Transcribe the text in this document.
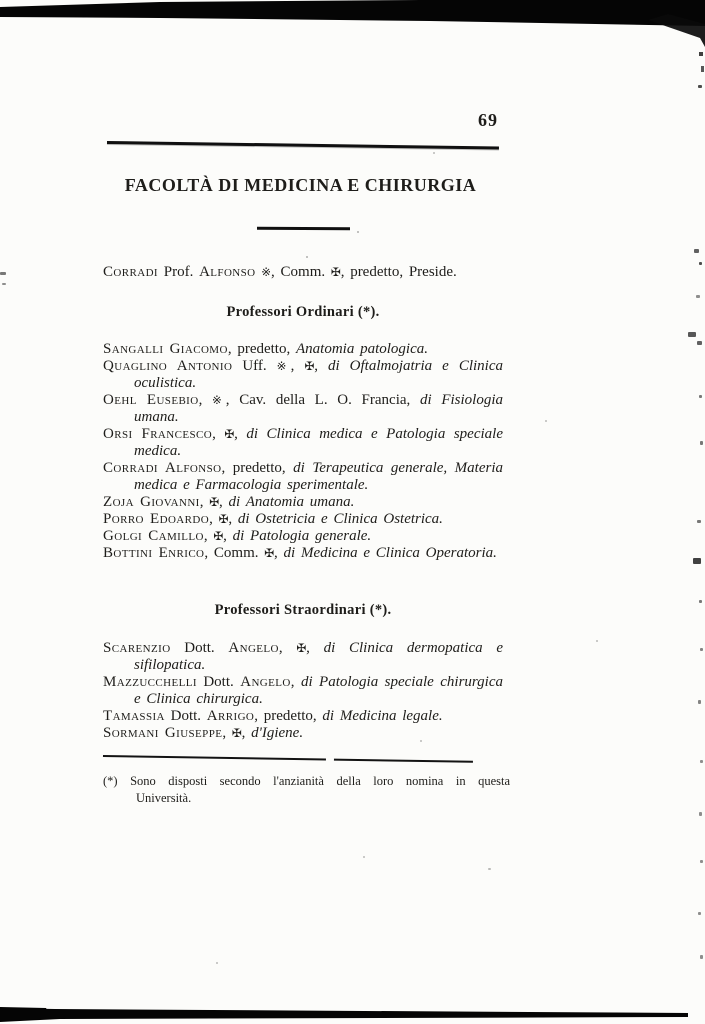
69
FACOLTÀ DI MEDICINA E CHIRURGIA

Corradi Prof. Alfonso ※, Comm. ✠, predetto, Preside.

Professori Ordinari (*).

Sangalli Giacomo, predetto, Anatomia patologica.

Quaglino Antonio Uff. ※, ✠, di Oftalmojatria e Clinica oculistica.

Oehl Eusebio, ※, Cav. della L. O. Francia, di Fisiologia umana.

Orsi Francesco, ✠, di Clinica medica e Patologia speciale medica.

Corradi Alfonso, predetto, di Terapeutica generale, Materia medica e Farmacologia sperimentale.

Zoja Giovanni, ✠, di Anatomia umana.

Porro Edoardo, ✠, di Ostetricia e Clinica Ostetrica.

Golgi Camillo, ✠, di Patologia generale.

Bottini Enrico, Comm. ✠, di Medicina e Clinica Operatoria.

Professori Straordinari (*).

Scarenzio Dott. Angelo, ✠, di Clinica dermopatica e sifilopatica.

Mazzucchelli Dott. Angelo, di Patologia speciale chirurgica e Clinica chirurgica.

Tamassia Dott. Arrigo, predetto, di Medicina legale.

Sormani Giuseppe, ✠, d'Igiene.

(*) Sono disposti secondo l'anzianità della loro nomina in questa Università.
